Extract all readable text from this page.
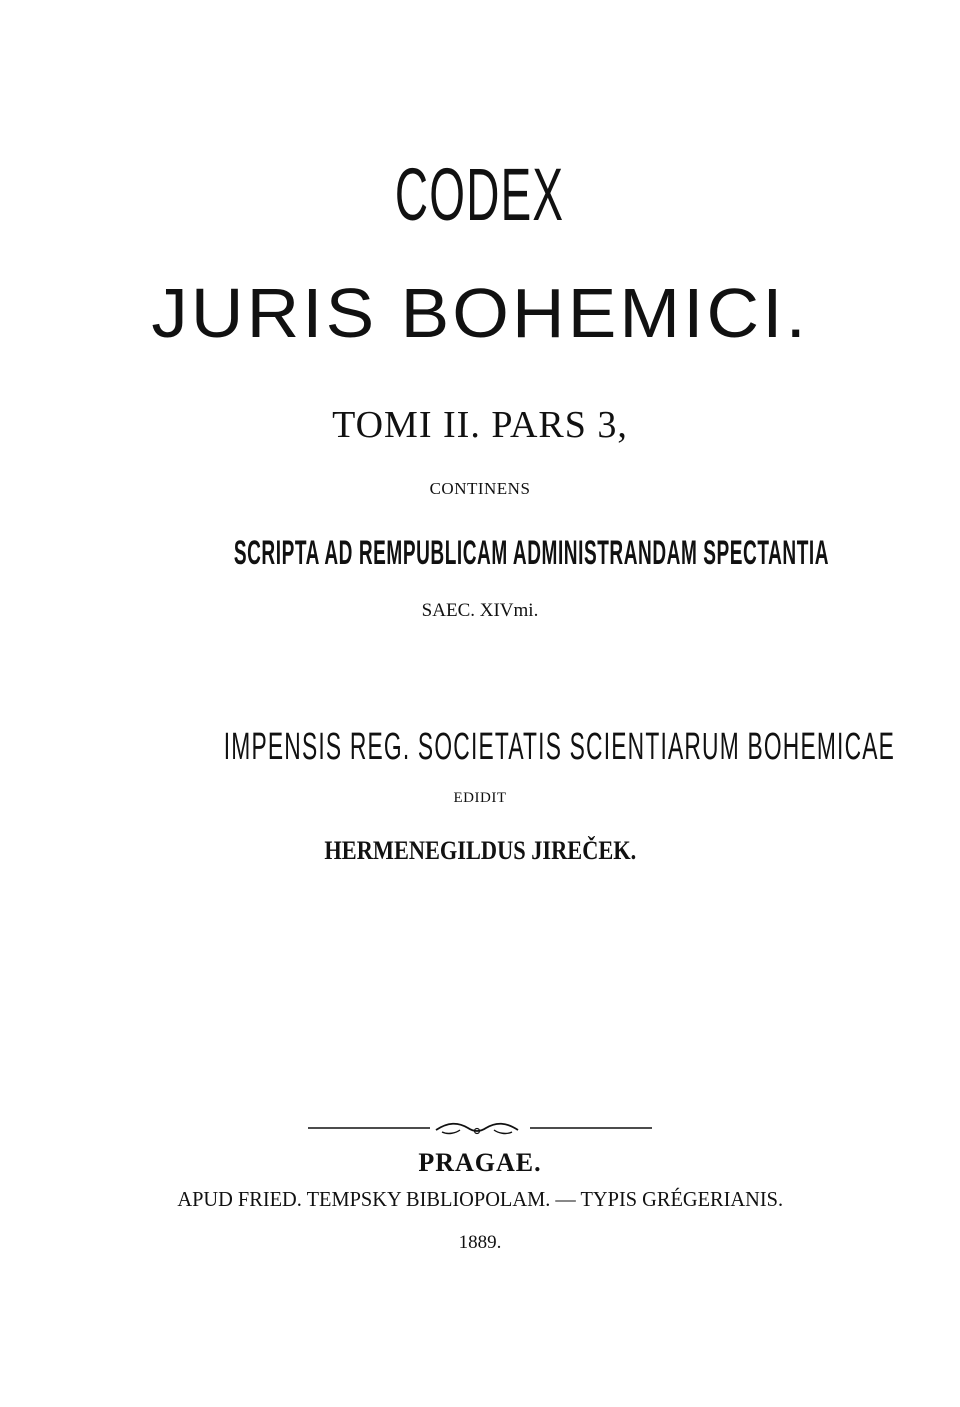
CODEX
JURIS BOHEMICI.
TOMI II. PARS 3,
CONTINENS
SCRIPTA AD REMPUBLICAM ADMINISTRANDAM SPECTANTIA
SAEC. XIVmi.
IMPENSIS REG. SOCIETATIS SCIENTIARUM BOHEMICAE
EDIDIT
HERMENEGILDUS JIREČEK.
PRAGAE.
APUD FRIED. TEMPSKY BIBLIOPOLAM. — TYPIS GRÉGERIANIS.
1889.
